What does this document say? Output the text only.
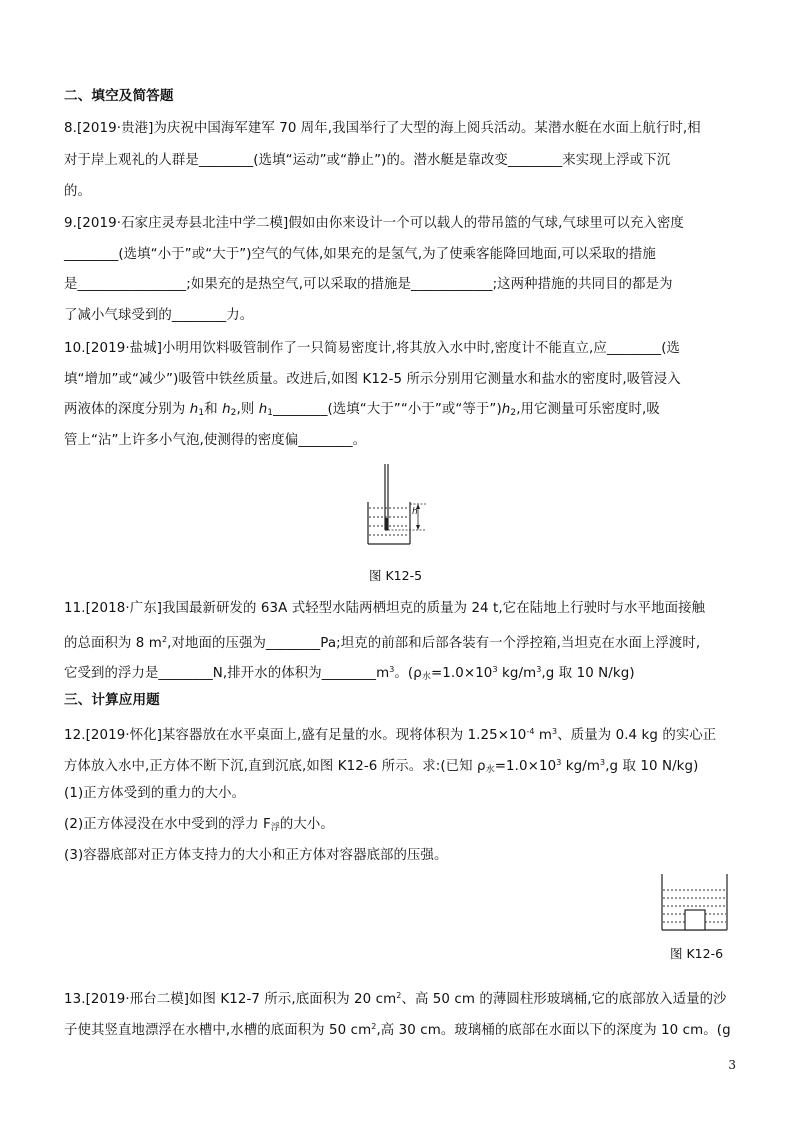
二、填空及简答题
8.[2019·贵港]为庆祝中国海军建军 70 周年,我国举行了大型的海上阅兵活动。某潜水艇在水面上航行时,相
对于岸上观礼的人群是________(选填“运动”或“静止”)的。潜水艇是靠改变________来实现上浮或下沉
的。
9.[2019·石家庄灵寿县北洼中学二模]假如由你来设计一个可以载人的带吊篮的气球,气球里可以充入密度
________(选填“小于”或“大于”)空气的气体,如果充的是氢气,为了使乘客能降回地面,可以采取的措施
是________________;如果充的是热空气,可以采取的措施是____________;这两种措施的共同目的都是为
了减小气球受到的________力。
10.[2019·盐城]小明用饮料吸管制作了一只简易密度计,将其放入水中时,密度计不能直立,应________(选
填“增加”或“减少”)吸管中铁丝质量。改进后,如图 K12-5 所示分别用它测量水和盐水的密度时,吸管浸入
两液体的深度分别为 $h_1$和 $h_2$,则 $h_1\_\_\_\_\_\_\_\_$(选填“大于”“小于”或“等于$”)h_2$,用它测量可乐密度时,吸
管上“沾”上许多小气泡,使测得的密度偏________。
h
图 K12-5
11.[2018·广东]我国最新研发的 63A 式轻型水陆两栖坦克的质量为 24 t,它在陆地上行驶时与水平地面接触
的总面积为 8 $m^2$,对地面的压强为________Pa;坦克的前部和后部各装有一个浮控箱,当坦克在水面上浮渡时,
它受到的浮力是________N,排开水的体积为$\_\_\_\_\_\_\_\_m^3$。($\rho_水=1.0\times 10^3$ $kg/m^3,g$ 取 10 N/kg)
三、计算应用题
12.[2019·怀化]某容器放在水平桌面上,盛有足量的水。现将体积为 $1.25\times 10^{-4}$ $m^3$、质量为 0.4 kg 的实心正
方体放入水中,正方体不断下沉,直到沉底,如图 K12-6 所示。求:(已知 $\rho_水=1.0\times 10^3$ $kg/m^3,g$ 取 10 N/kg)
(1)正方体受到的重力的大小。
(2)正方体浸没在水中受到的浮力 $F_浮$的大小。
(3)容器底部对正方体支持力的大小和正方体对容器底部的压强。
图 K12-6
13.[2019·邢台二模]如图 K12-7 所示,底面积为 20 $cm^2$、高 50 cm 的薄圆柱形玻璃桶,它的底部放入适量的沙
子使其竖直地漂浮在水槽中,水槽的底面积为 50 $cm^2$,高 30 cm。玻璃桶的底部在水面以下的深度为 10 cm。(g
3
